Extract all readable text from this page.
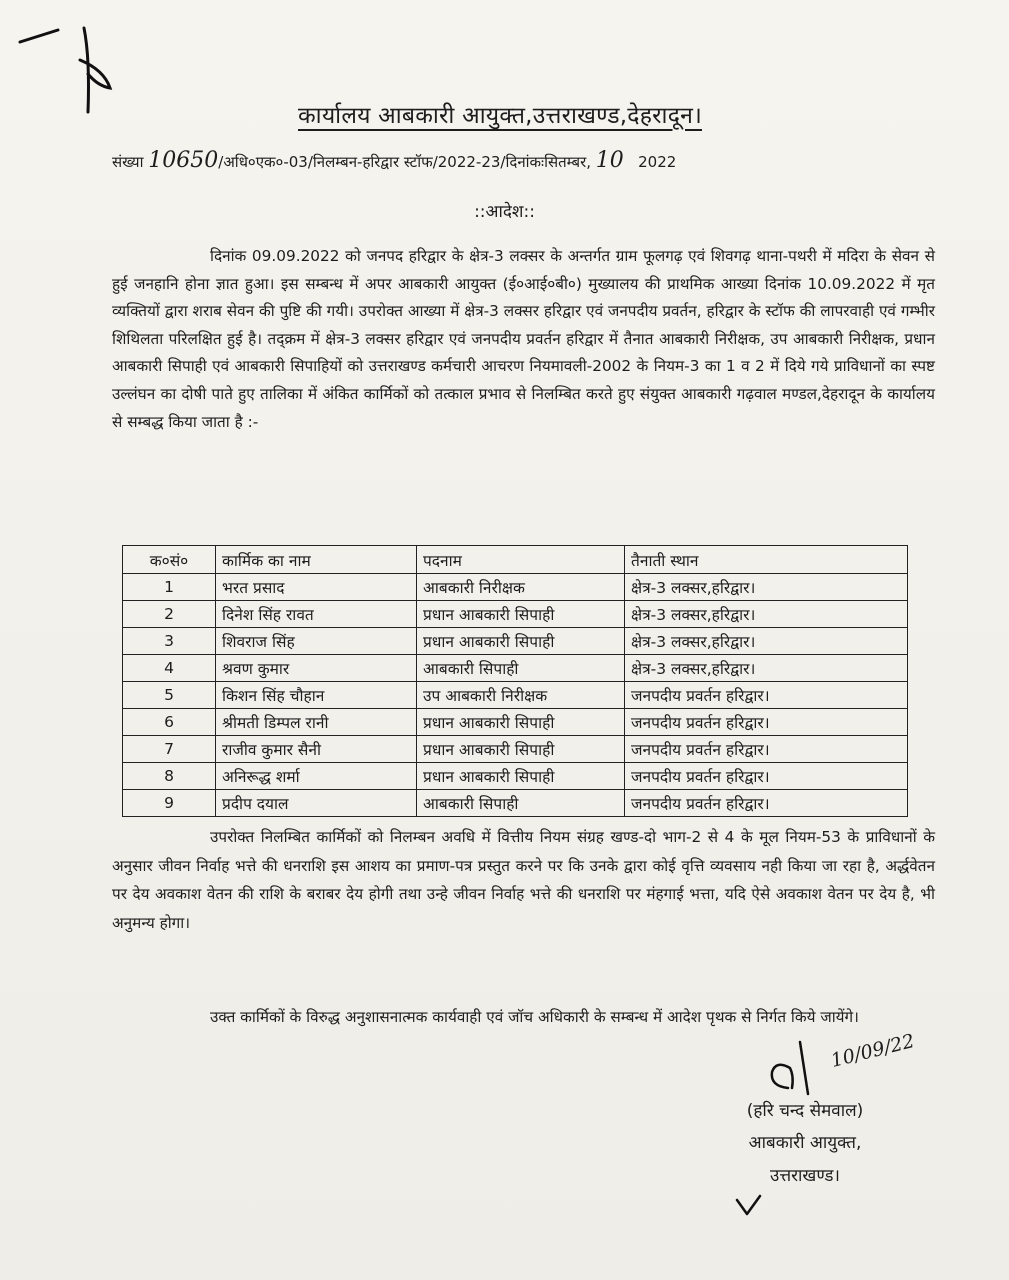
कार्यालय आबकारी आयुक्त,उत्तराखण्ड,देहरादून।
संख्या 10650/अधि०एक०-03/निलम्बन-हरिद्वार स्टॉफ/2022-23/दिनांकःसितम्बर, 10 2022
::आदेश::
दिनांक 09.09.2022 को जनपद हरिद्वार के क्षेत्र-3 लक्सर के अन्तर्गत ग्राम फूलगढ़ एवं शिवगढ़ थाना-पथरी में मदिरा के सेवन से हुई जनहानि होना ज्ञात हुआ। इस सम्बन्ध में अपर आबकारी आयुक्त (ई०आई०बी०) मुख्यालय की प्राथमिक आख्या दिनांक 10.09.2022 में मृत व्यक्तियों द्वारा शराब सेवन की पुष्टि की गयी। उपरोक्त आख्या में क्षेत्र-3 लक्सर हरिद्वार एवं जनपदीय प्रवर्तन, हरिद्वार के स्टॉफ की लापरवाही एवं गम्भीर शिथिलता परिलक्षित हुई है। तद्क्रम में क्षेत्र-3 लक्सर हरिद्वार एवं जनपदीय प्रवर्तन हरिद्वार में तैनात आबकारी निरीक्षक, उप आबकारी निरीक्षक, प्रधान आबकारी सिपाही एवं आबकारी सिपाहियों को उत्तराखण्ड कर्मचारी आचरण नियमावली-2002 के नियम-3 का 1 व 2 में दिये गये प्राविधानों का स्पष्ट उल्लंघन का दोषी पाते हुए तालिका में अंकित कार्मिकों को तत्काल प्रभाव से निलम्बित करते हुए संयुक्त आबकारी गढ़वाल मण्डल,देहरादून के कार्यालय से सम्बद्ध किया जाता है :-
क०सं०	कार्मिक का नाम	पदनाम	तैनाती स्थान
1	भरत प्रसाद	आबकारी निरीक्षक	क्षेत्र-3 लक्सर,हरिद्वार।
2	दिनेश सिंह रावत	प्रधान आबकारी सिपाही	क्षेत्र-3 लक्सर,हरिद्वार।
3	शिवराज सिंह	प्रधान आबकारी सिपाही	क्षेत्र-3 लक्सर,हरिद्वार।
4	श्रवण कुमार	आबकारी सिपाही	क्षेत्र-3 लक्सर,हरिद्वार।
5	किशन सिंह चौहान	उप आबकारी निरीक्षक	जनपदीय प्रवर्तन हरिद्वार।
6	श्रीमती डिम्पल रानी	प्रधान आबकारी सिपाही	जनपदीय प्रवर्तन हरिद्वार।
7	राजीव कुमार सैनी	प्रधान आबकारी सिपाही	जनपदीय प्रवर्तन हरिद्वार।
8	अनिरूद्ध शर्मा	प्रधान आबकारी सिपाही	जनपदीय प्रवर्तन हरिद्वार।
9	प्रदीप दयाल	आबकारी सिपाही	जनपदीय प्रवर्तन हरिद्वार।
उपरोक्त निलम्बित कार्मिकों को निलम्बन अवधि में वित्तीय नियम संग्रह खण्ड-दो भाग-2 से 4 के मूल नियम-53 के प्राविधानों के अनुसार जीवन निर्वाह भत्ते की धनराशि इस आशय का प्रमाण-पत्र प्रस्तुत करने पर कि उनके द्वारा कोई वृत्ति व्यवसाय नही किया जा रहा है, अर्द्धवेतन पर देय अवकाश वेतन की राशि के बराबर देय होगी तथा उन्हे जीवन निर्वाह भत्ते की धनराशि पर मंहगाई भत्ता, यदि ऐसे अवकाश वेतन पर देय है, भी अनुमन्य होगा।
उक्त कार्मिकों के विरुद्ध अनुशासनात्मक कार्यवाही एवं जॉच अधिकारी के सम्बन्ध में आदेश पृथक से निर्गत किये जायेंगे।
10/09/22
(हरि चन्द सेमवाल)
आबकारी आयुक्त,
उत्तराखण्ड।
